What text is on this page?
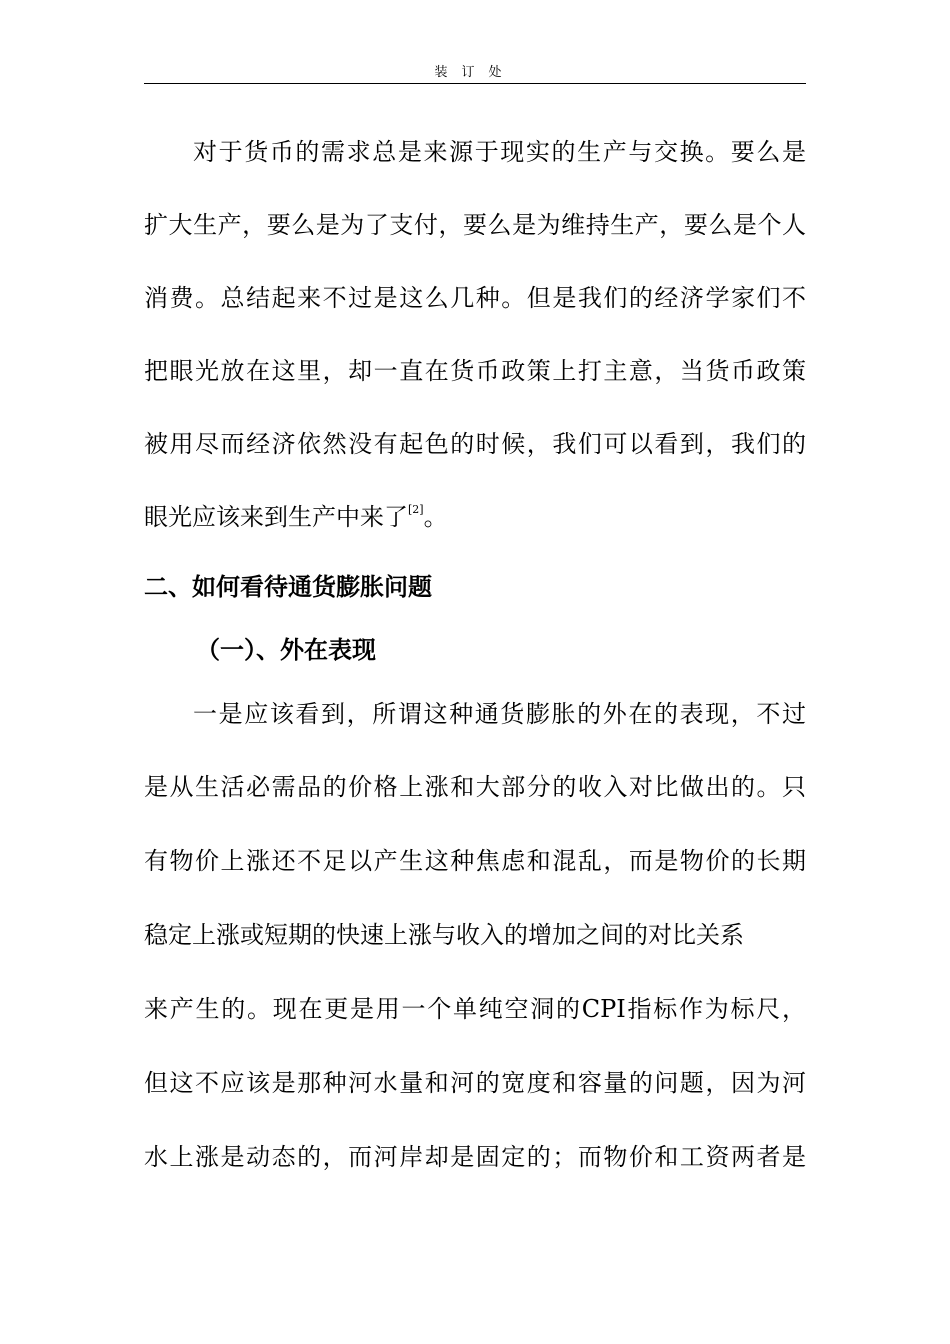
装订处
对于货币的需求总是来源于现实的生产与交换。要么是
扩大生产，要么是为了支付，要么是为维持生产，要么是个人
消费。总结起来不过是这么几种。但是我们的经济学家们不
把眼光放在这里，却一直在货币政策上打主意，当货币政策
被用尽而经济依然没有起色的时候，我们可以看到，我们的
眼光应该来到生产中来了[2]。
二、如何看待通货膨胀问题
（一）、外在表现
一是应该看到，所谓这种通货膨胀的外在的表现，不过
是从生活必需品的价格上涨和大部分的收入对比做出的。只
有物价上涨还不足以产生这种焦虑和混乱，而是物价的长期
稳定上涨或短期的快速上涨与收入的增加之间的对比关系
来产生的。现在更是用一个单纯空洞的CPI指标作为标尺，
但这不应该是那种河水量和河的宽度和容量的问题，因为河
水上涨是动态的，而河岸却是固定的；而物价和工资两者是
